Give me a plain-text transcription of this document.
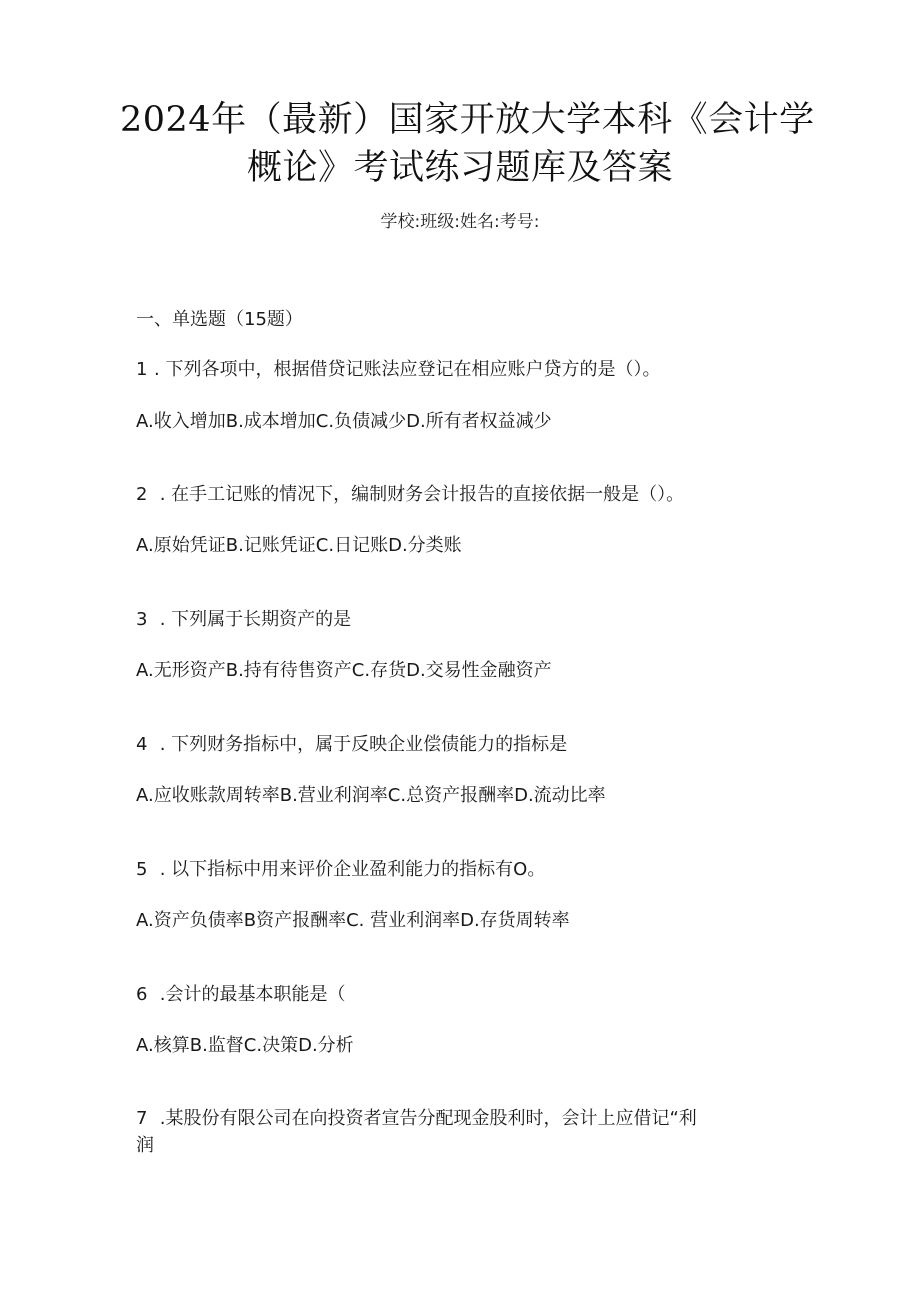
2024年（最新）国家开放大学本科《会计学
概论》考试练习题库及答案
学校:班级:姓名:考号:
一、单选题（15题）
1 . 下列各项中，根据借贷记账法应登记在相应账户贷方的是（）。
A.收入增加B.成本增加C.负债减少D.所有者权益减少
2 . 在手工记账的情况下，编制财务会计报告的直接依据一般是（）。
A.原始凭证B.记账凭证C.日记账D.分类账
3 . 下列属于长期资产的是
A.无形资产B.持有待售资产C.存货D.交易性金融资产
4 . 下列财务指标中，属于反映企业偿债能力的指标是
A.应收账款周转率B.营业利润率C.总资产报酬率D.流动比率
5 . 以下指标中用来评价企业盈利能力的指标有O。
A.资产负债率B资产报酬率C. 营业利润率D.存货周转率
6 .会计的最基本职能是（
A.核算B.监督C.决策D.分析
7 .某股份有限公司在向投资者宣告分配现金股利时，会计上应借记“利
润
